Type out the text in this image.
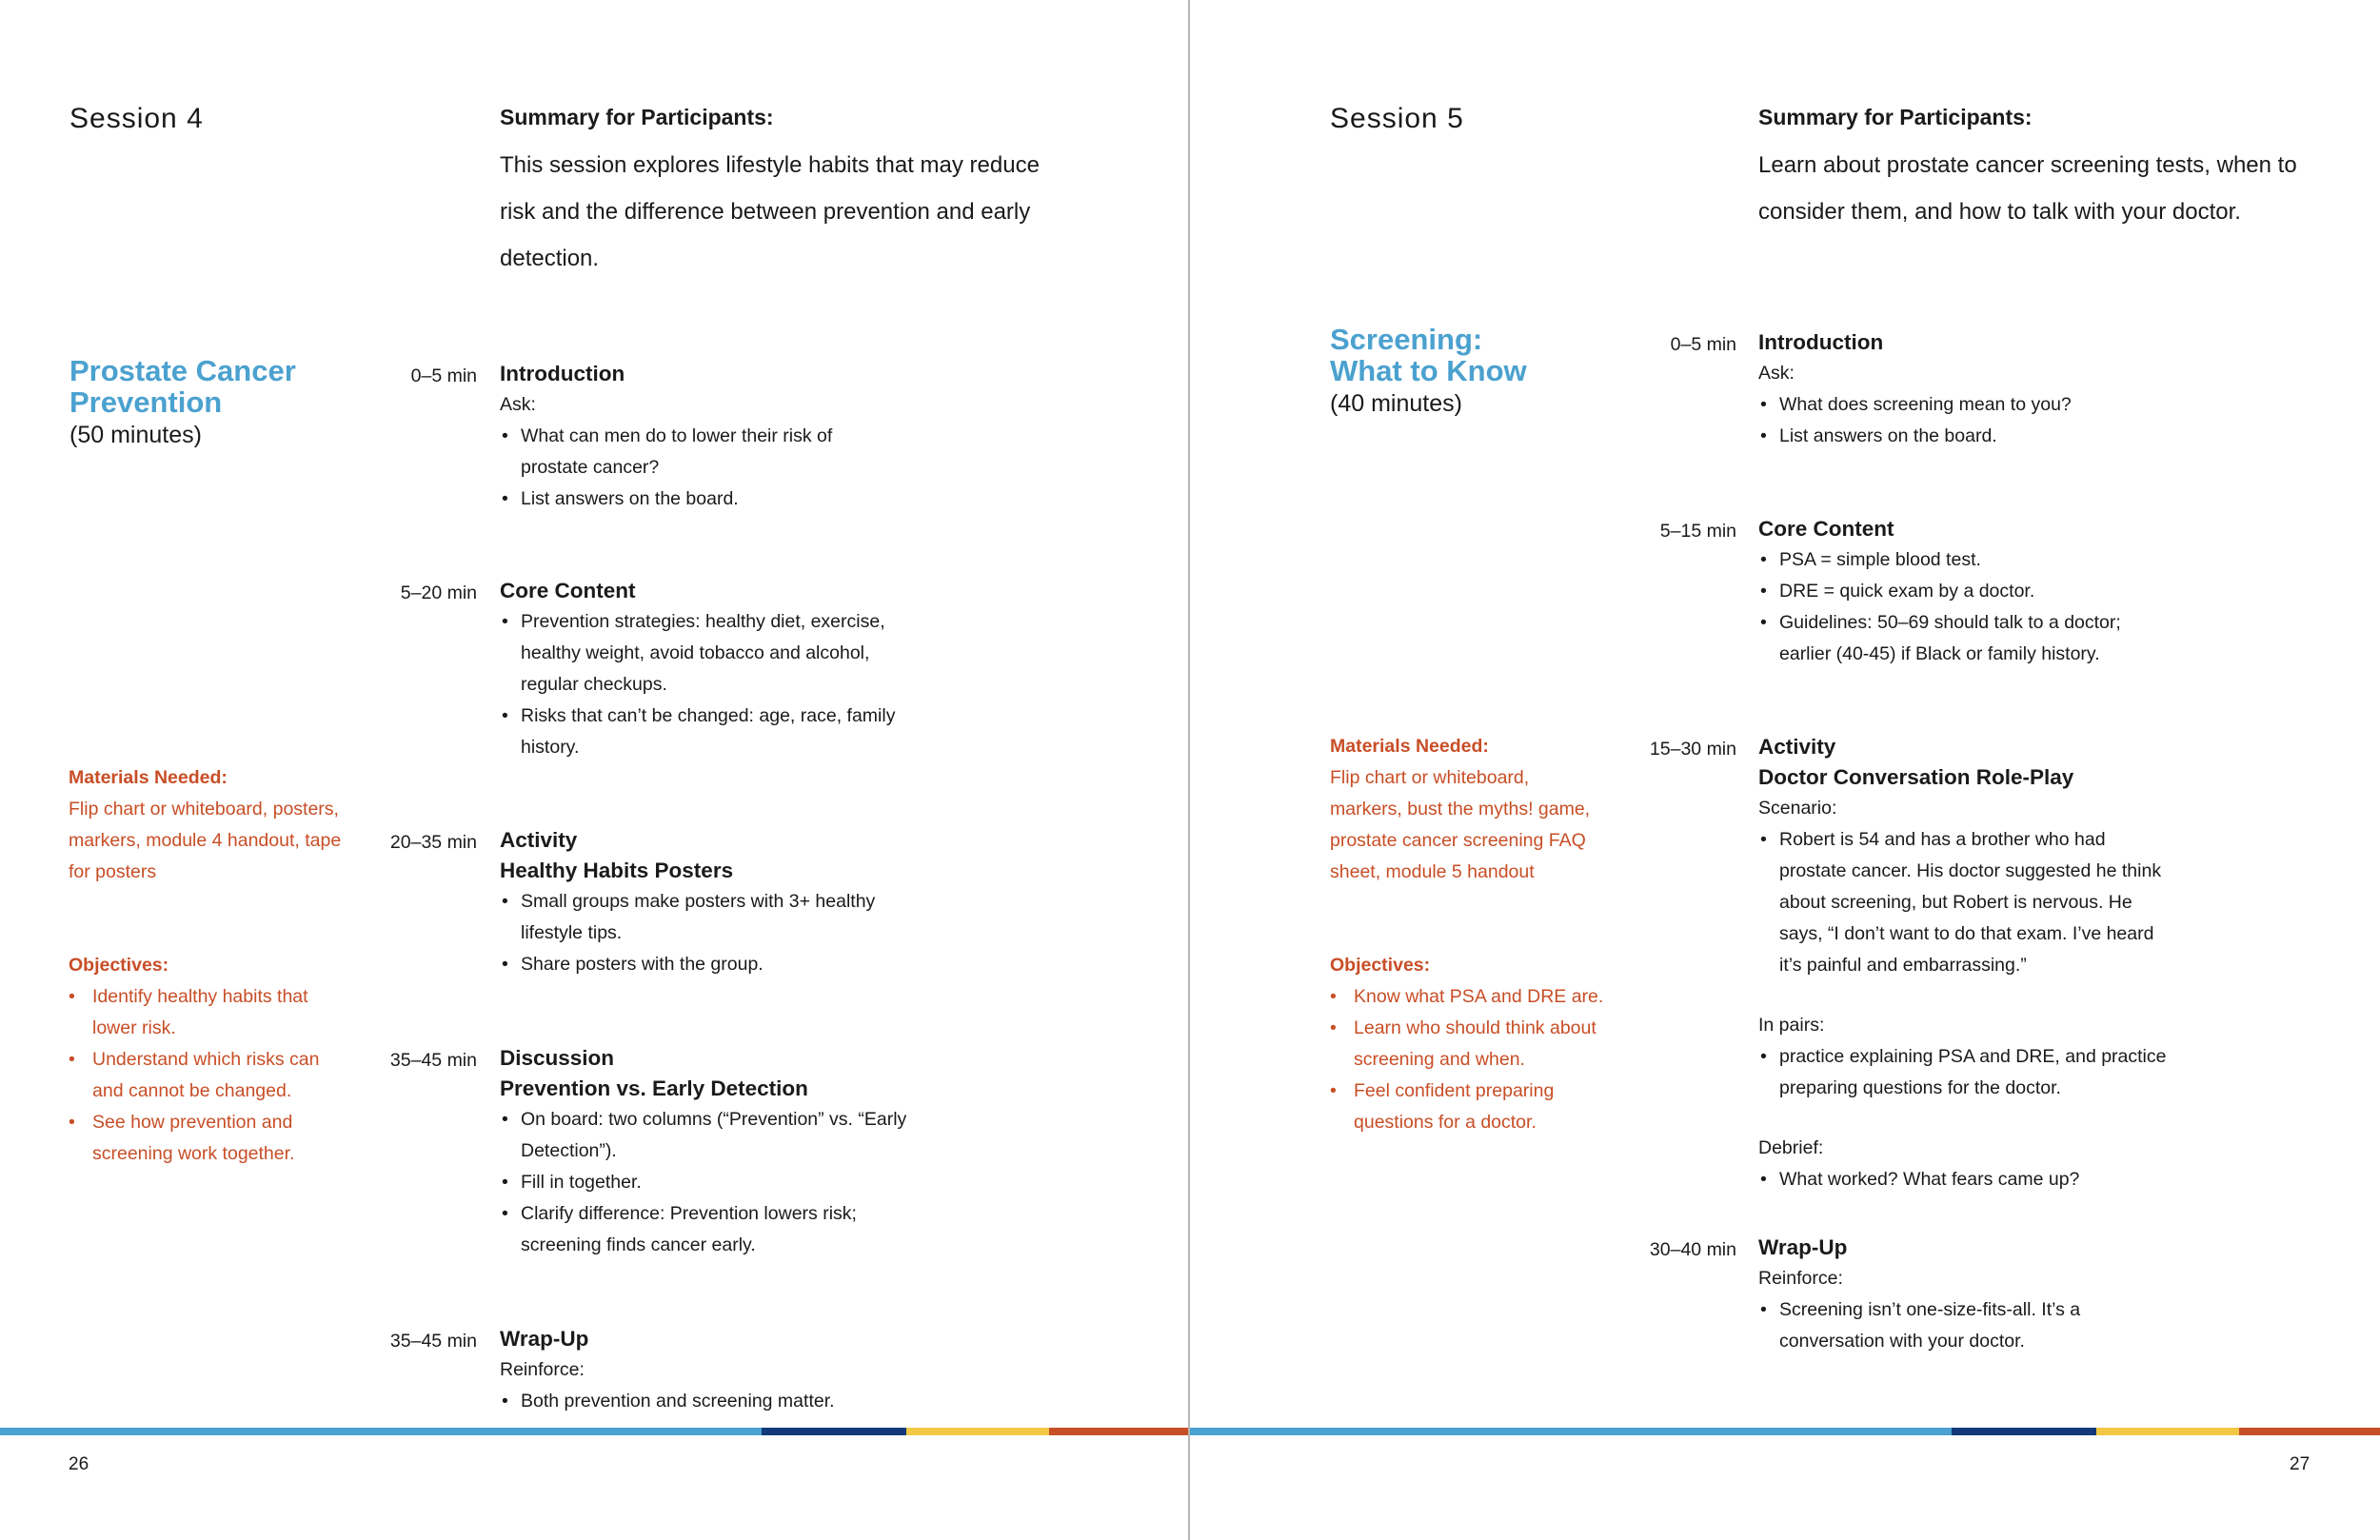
Session 4	Summary for Participants:

This session explores lifestyle habits that may reduce risk and the difference between prevention and early detection.

Prostate Cancer
Prevention
(50 minutes)
Materials Needed:
Flip chart or whiteboard, posters, markers, module 4 handout, tape for posters
Objectives:
• Identify healthy habits that lower risk.
• Understand which risks can and cannot be changed.
• See how prevention and screening work together.
0–5 min Introduction
Ask:
• What can men do to lower their risk of prostate cancer?
• List answers on the board.
5–20 min Core Content
• Prevention strategies: healthy diet, exercise, healthy weight, avoid tobacco and alcohol, regular checkups.
• Risks that can’t be changed: age, race, family history.
20–35 min Activity
Healthy Habits Posters
• Small groups make posters with 3+ healthy lifestyle tips.
• Share posters with the group.
35–45 min Discussion
Prevention vs. Early Detection
• On board: two columns (“Prevention” vs. “Early Detection”).
• Fill in together.
• Clarify difference: Prevention lowers risk; screening finds cancer early.
35–45 min Wrap-Up
Reinforce:
• Both prevention and screening matter.
26
Session 5	Summary for Participants:

Learn about prostate cancer screening tests, when to consider them, and how to talk with your doctor.

Screening:
What to Know
(40 minutes)
Materials Needed:
Flip chart or whiteboard, markers, bust the myths! game, prostate cancer screening FAQ sheet, module 5 handout
Objectives:
• Know what PSA and DRE are.
• Learn who should think about screening and when.
• Feel confident preparing questions for a doctor.
0–5 min Introduction
Ask:
• What does screening mean to you?
• List answers on the board.
5–15 min Core Content
• PSA = simple blood test.
• DRE = quick exam by a doctor.
• Guidelines: 50–69 should talk to a doctor; earlier (40-45) if Black or family history.
15–30 min Activity
Doctor Conversation Role-Play
Scenario:
• Robert is 54 and has a brother who had prostate cancer. His doctor suggested he think about screening, but Robert is nervous. He says, “I don’t want to do that exam. I’ve heard it’s painful and embarrassing.”
In pairs:
• practice explaining PSA and DRE, and practice preparing questions for the doctor.
Debrief:
• What worked? What fears came up?
30–40 min Wrap-Up
Reinforce:
• Screening isn’t one-size-fits-all. It’s a conversation with your doctor.
27
